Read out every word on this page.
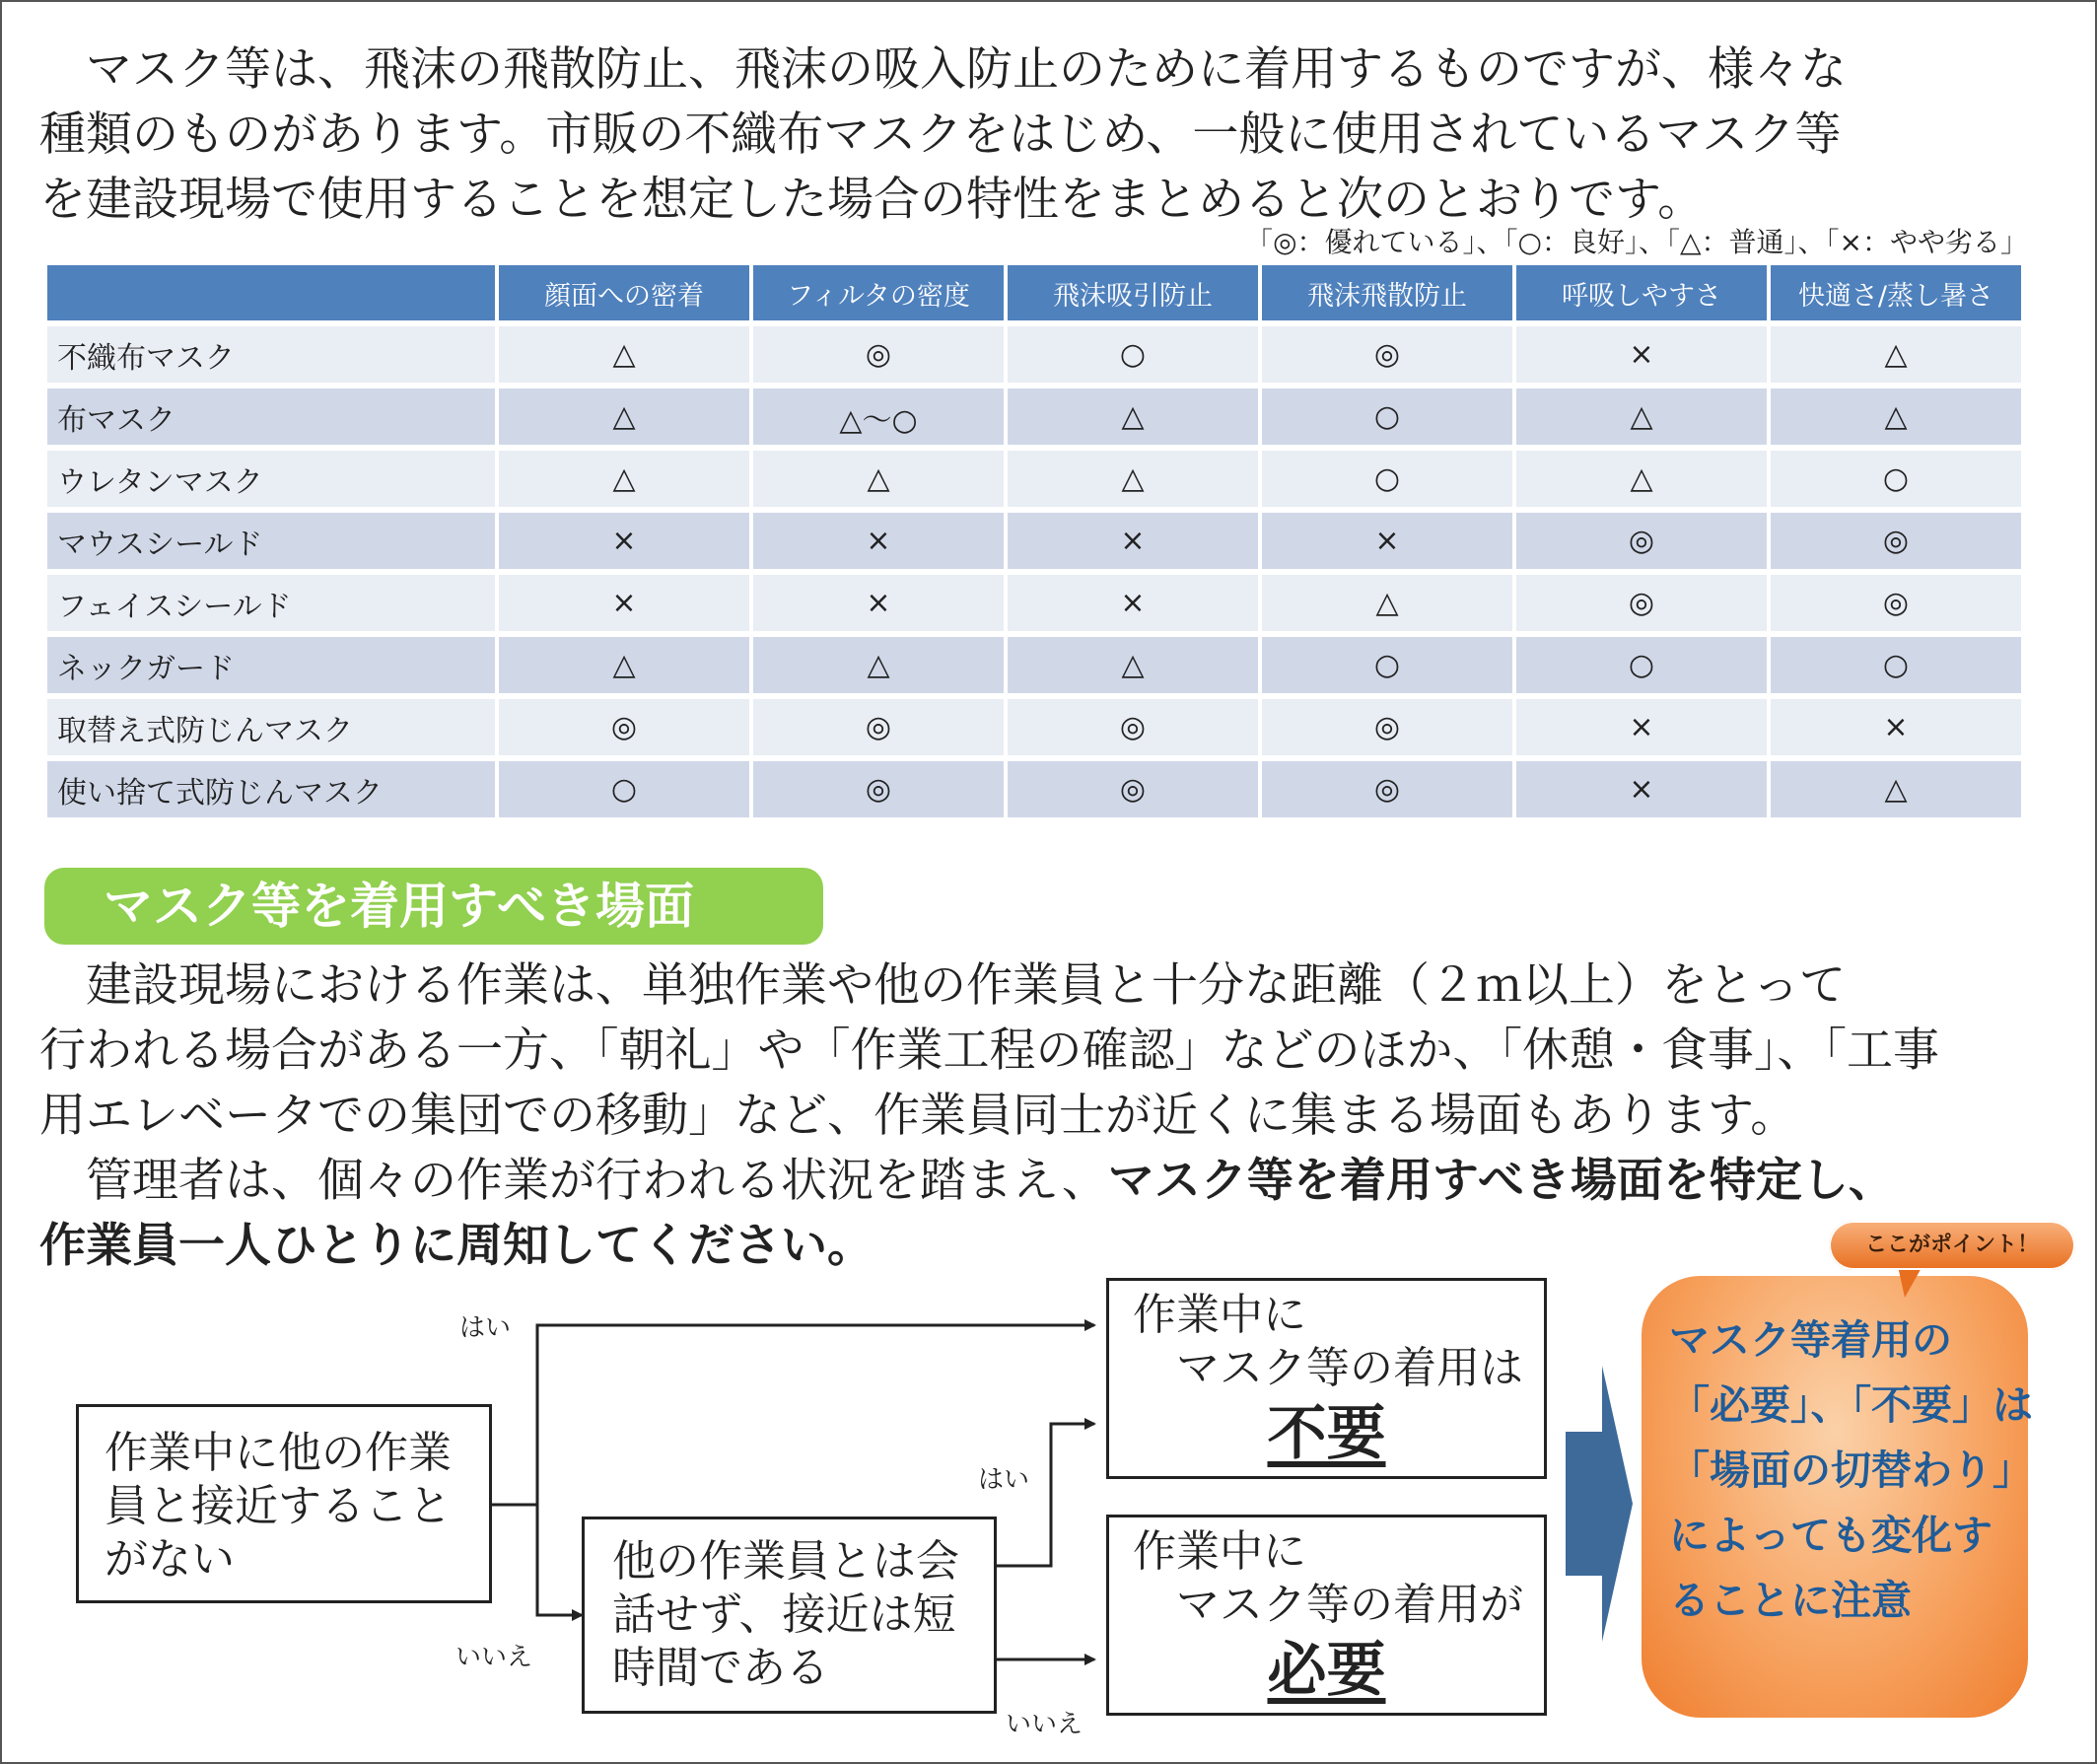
　マスク等は、飛沫の飛散防止、飛沫の吸入防止のために着用するものですが、様々な

種類のものがあります。市販の不織布マスクをはじめ、一般に使用されているマスク等

を建設現場で使用することを想定した場合の特性をまとめると次のとおりです。

「◎：優れている」、「○：良好」、「△：普通」、「×：やや劣る」
	顔面への密着	フィルタの密度	飛沫吸引防止	飛沫飛散防止	呼吸しやすさ	快適さ/蒸し暑さ
不織布マスク	△	◎	○	◎	×	△
布マスク	△	△～○	△	○	△	△
ウレタンマスク	△	△	△	○	△	○
マウスシールド	×	×	×	×	◎	◎
フェイスシールド	×	×	×	△	◎	◎
ネックガード	△	△	△	○	○	○
取替え式防じんマスク	◎	◎	◎	◎	×	×
使い捨て式防じんマスク	○	◎	◎	◎	×	△
マスク等を着用すべき場面

　建設現場における作業は、単独作業や他の作業員と十分な距離（２ｍ以上）をとって

行われる場合がある一方、「朝礼」や「作業工程の確認」などのほか、「休憩・食事」、「工事

用エレベータでの集団での移動」など、作業員同士が近くに集まる場面もあります。

　管理者は、個々の作業が行われる状況を踏まえ、マスク等を着用すべき場面を特定し、

作業員一人ひとりに周知してください。

作業中に他の作業
員と接近すること
がない	他の作業員とは会
話せず、接近は短
時間である
作業中に
　マスク等の着用は
不要
作業中に
　マスク等の着用が
必要
はい
いいえ
はい
いいえ
マスク等着用の
「必要」、「不要」は
「場面の切替わり」
によっても変化す
ることに注意
ここがポイント！
